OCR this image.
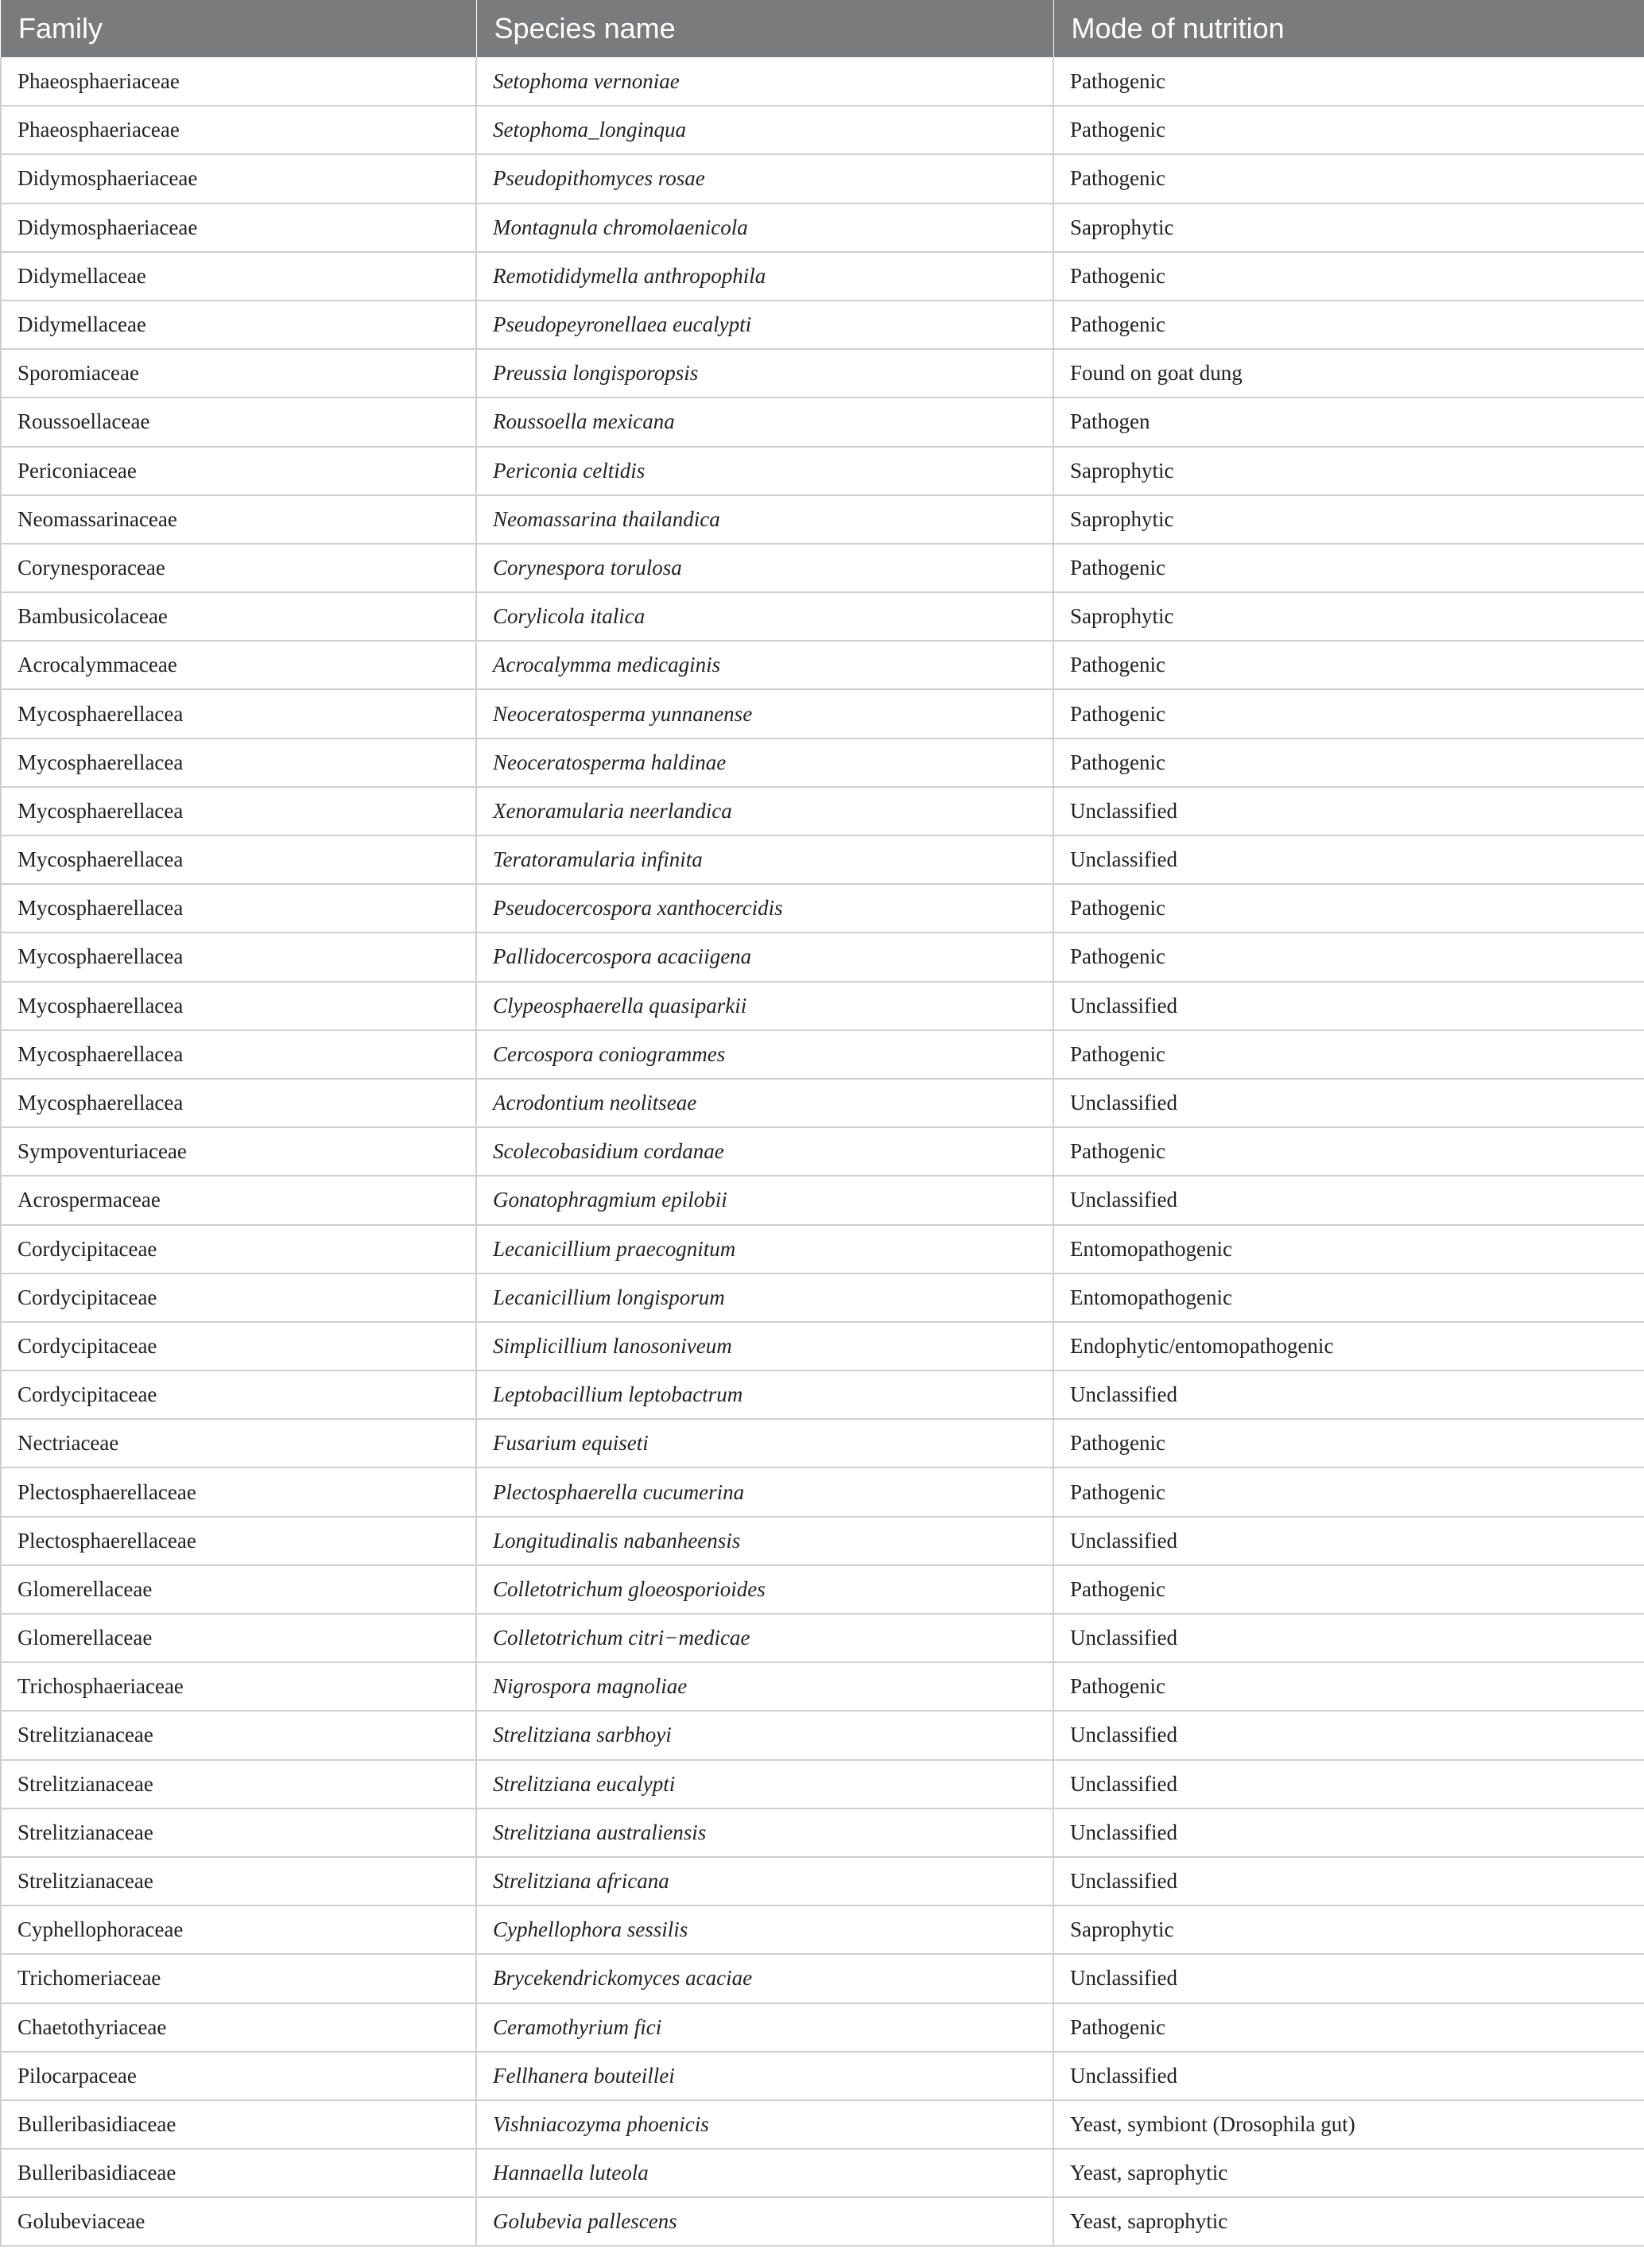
Family	Species name	Mode of nutrition
Phaeosphaeriaceae	Setophoma vernoniae	Pathogenic
Phaeosphaeriaceae	Setophoma_longinqua	Pathogenic
Didymosphaeriaceae	Pseudopithomyces rosae	Pathogenic
Didymosphaeriaceae	Montagnula chromolaenicola	Saprophytic
Didymellaceae	Remotididymella anthropophila	Pathogenic
Didymellaceae	Pseudopeyronellaea eucalypti	Pathogenic
Sporomiaceae	Preussia longisporopsis	Found on goat dung
Roussoellaceae	Roussoella mexicana	Pathogen
Periconiaceae	Periconia celtidis	Saprophytic
Neomassarinaceae	Neomassarina thailandica	Saprophytic
Corynesporaceae	Corynespora torulosa	Pathogenic
Bambusicolaceae	Corylicola italica	Saprophytic
Acrocalymmaceae	Acrocalymma medicaginis	Pathogenic
Mycosphaerellacea	Neoceratosperma yunnanense	Pathogenic
Mycosphaerellacea	Neoceratosperma haldinae	Pathogenic
Mycosphaerellacea	Xenoramularia neerlandica	Unclassified
Mycosphaerellacea	Teratoramularia infinita	Unclassified
Mycosphaerellacea	Pseudocercospora xanthocercidis	Pathogenic
Mycosphaerellacea	Pallidocercospora acaciigena	Pathogenic
Mycosphaerellacea	Clypeosphaerella quasiparkii	Unclassified
Mycosphaerellacea	Cercospora coniogrammes	Pathogenic
Mycosphaerellacea	Acrodontium neolitseae	Unclassified
Sympoventuriaceae	Scolecobasidium cordanae	Pathogenic
Acrospermaceae	Gonatophragmium epilobii	Unclassified
Cordycipitaceae	Lecanicillium praecognitum	Entomopathogenic
Cordycipitaceae	Lecanicillium longisporum	Entomopathogenic
Cordycipitaceae	Simplicillium lanosoniveum	Endophytic/entomopathogenic
Cordycipitaceae	Leptobacillium leptobactrum	Unclassified
Nectriaceae	Fusarium equiseti	Pathogenic
Plectosphaerellaceae	Plectosphaerella cucumerina	Pathogenic
Plectosphaerellaceae	Longitudinalis nabanheensis	Unclassified
Glomerellaceae	Colletotrichum gloeosporioides	Pathogenic
Glomerellaceae	Colletotrichum citri−medicae	Unclassified
Trichosphaeriaceae	Nigrospora magnoliae	Pathogenic
Strelitzianaceae	Strelitziana sarbhoyi	Unclassified
Strelitzianaceae	Strelitziana eucalypti	Unclassified
Strelitzianaceae	Strelitziana australiensis	Unclassified
Strelitzianaceae	Strelitziana africana	Unclassified
Cyphellophoraceae	Cyphellophora sessilis	Saprophytic
Trichomeriaceae	Brycekendrickomyces acaciae	Unclassified
Chaetothyriaceae	Ceramothyrium fici	Pathogenic
Pilocarpaceae	Fellhanera bouteillei	Unclassified
Bulleribasidiaceae	Vishniacozyma phoenicis	Yeast, symbiont (Drosophila gut)
Bulleribasidiaceae	Hannaella luteola	Yeast, saprophytic
Golubeviaceae	Golubevia pallescens	Yeast, saprophytic
